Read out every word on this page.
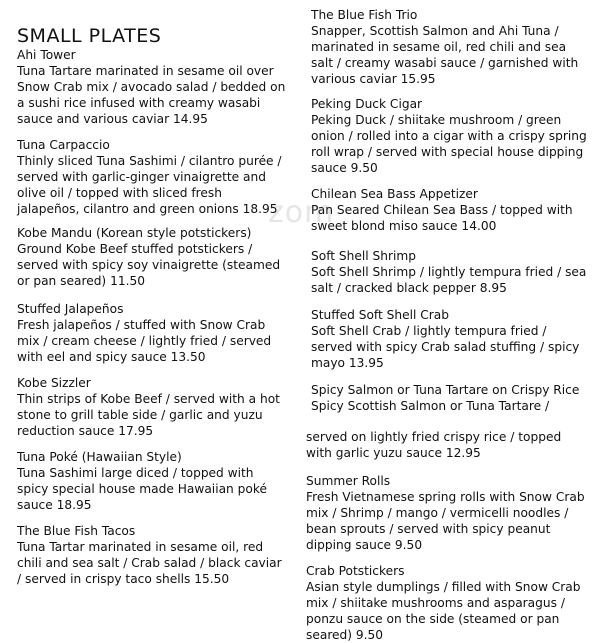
SMALL PLATES
zom
Ahi Tower
Tuna Tartare marinated in sesame oil over Snow Crab mix / avocado salad / bedded on a sushi rice infused with creamy wasabi sauce and various caviar 14.95
Tuna Carpaccio
Thinly sliced Tuna Sashimi / cilantro purée / served with garlic-ginger vinaigrette and olive oil / topped with sliced fresh jalapeños, cilantro and green onions 18.95
Kobe Mandu (Korean style potstickers)
Ground Kobe Beef stuffed potstickers / served with spicy soy vinaigrette (steamed or pan seared) 11.50
Stuffed Jalapeños
Fresh jalapeños / stuffed with Snow Crab mix / cream cheese / lightly fried / served with eel and spicy sauce 13.50
Kobe Sizzler
Thin strips of Kobe Beef / served with a hot stone to grill table side / garlic and yuzu reduction sauce 17.95
Tuna Poké (Hawaiian Style)
Tuna Sashimi large diced / topped with spicy special house made Hawaiian poké sauce 18.95
The Blue Fish Tacos
Tuna Tartar marinated in sesame oil, red chili and sea salt / Crab salad / black caviar / served in crispy taco shells 15.50
The Blue Fish Trio
Snapper, Scottish Salmon and Ahi Tuna / marinated in sesame oil, red chili and sea salt / creamy wasabi sauce / garnished with various caviar 15.95
Peking Duck Cigar
Peking Duck / shiitake mushroom / green onion / rolled into a cigar with a crispy spring roll wrap / served with special house dipping sauce 9.50
Chilean Sea Bass Appetizer
Pan Seared Chilean Sea Bass / topped with sweet blond miso sauce 14.00
Soft Shell Shrimp
Soft Shell Shrimp / lightly tempura fried / sea salt / cracked black pepper 8.95
Stuffed Soft Shell Crab
Soft Shell Crab / lightly tempura fried / served with spicy Crab salad stuffing / spicy mayo 13.95
Spicy Salmon or Tuna Tartare on Crispy Rice
Spicy Scottish Salmon or Tuna Tartare /
served on lightly fried crispy rice / topped with garlic yuzu sauce 12.95
Summer Rolls
Fresh Vietnamese spring rolls with Snow Crab mix / Shrimp / mango / vermicelli noodles / bean sprouts / served with spicy peanut dipping sauce 9.50
Crab Potstickers
Asian style dumplings / filled with Snow Crab mix / shiitake mushrooms and asparagus / ponzu sauce on the side (steamed or pan seared) 9.50
